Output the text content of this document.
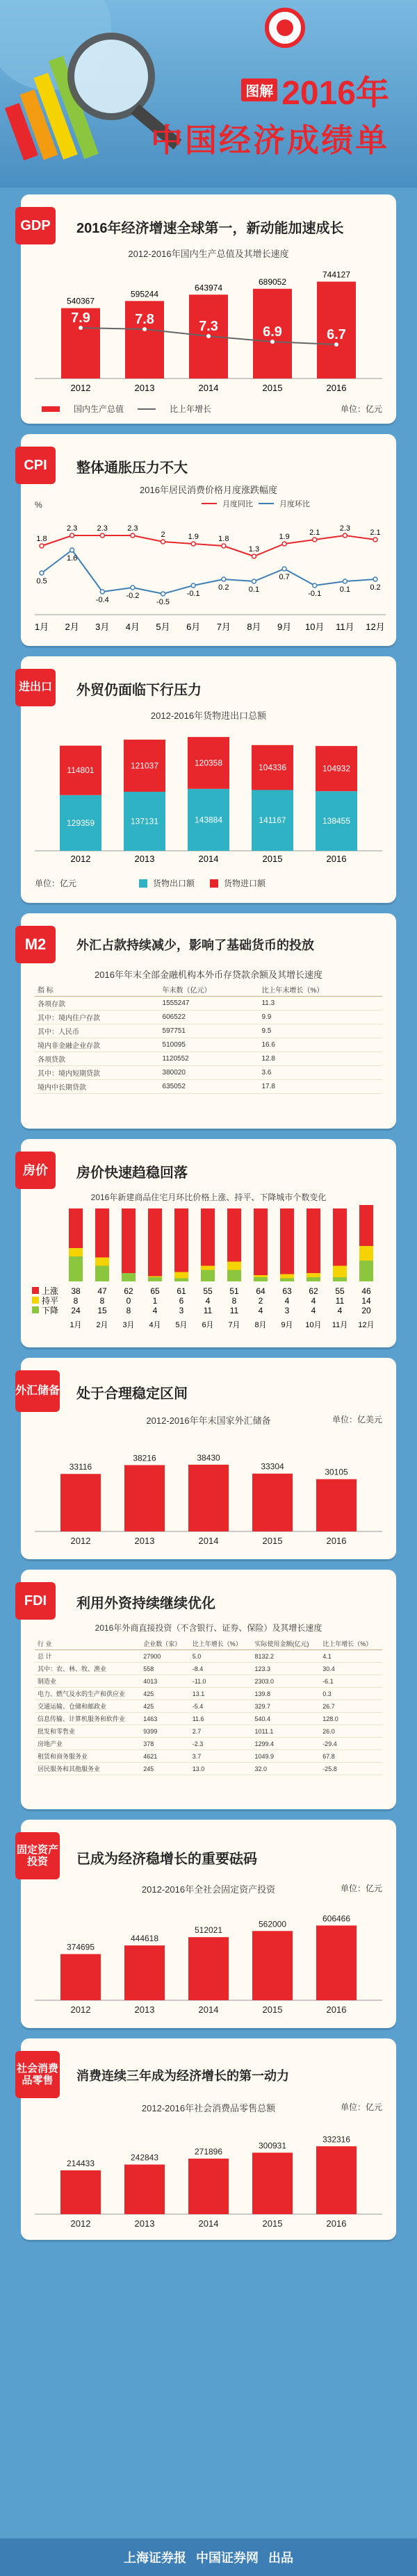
图解 2016年
中国经济成绩单
GDP	2016年经济增速全球第一，新动能加速成长
2012-2016年国内生产总值及其增长速度
540367
2012
595244
2013
643974
2014
689052
2015
744127
2016
7.9	7.8	7.3	6.9	6.7
国内生产总值	比上年增长	单位：亿元
CPI	整体通胀压力不大
2016年居民消费价格月度涨跌幅度
月度同比	月度环比
%
1.8
2.3	2.3	2.3
2	1.9	1.8
1.3
1.9	2.1	2.3	2.1
0.5
1.6
-0.4 -0.2
-0.5
-0.1
0.2	0.1
0.7
-0.1 0.1	0.2
1月 2月 3月 4月 5月 6月 7月 8月 9月 10月 11月 12月
进出口 外贸仍面临下行压力
2012-2016年货物进出口总额
129359
114801
2012
137131
121037
2013
143884
120358
2014
141167
104336
2015
138455
104932
2016
单位：亿元	货物出口额	货物进口额
M2	外汇占款持续减少，影响了基础货币的投放
2016年年末全部金融机构本外币存贷款余额及其增长速度
指 标	年末数（亿元）	比上年末增长（%）
各项存款	1555247	11.3
其中：境内住户存款	606522	9.9
其中：人民币	597751	9.5
境内非金融企业存款	510095	16.6
各项贷款	1120552	12.8
其中：境内短期贷款	380020	3.6
境内中长期贷款	635052	17.8
房价	房价快速趋稳回落
2016年新建商品住宅月环比价格上涨、持平、下降城市个数变化
38
8
24
1月
47
8
15
2月
62
0
8
3月
65
1
4
4月
61
6
3
5月
55
4
11
6月
51
8
11
7月
64
2
4
8月
63
4
3
9月
62
4
4
10月
55
11
4
11月
46
14
20
12月
上涨
持平
下降
外汇储备 处于合理稳定区间
2012-2016年年末国家外汇储备	单位：亿美元
33116
2012
38216
2013
38430
2014
33304
2015
30105
2016
FDI	利用外资持续继续优化
2016年外商直接投资（不含银行、证券、保险）及其增长速度
行 业	企业数（家）	比上年增长（%）	实际使用金额(亿元)	比上年增长（%）
总 计	27900	5.0	8132.2	4.1
其中：农、林、牧、渔业	558	-8.4	123.3	30.4
制造业	4013	-11.0	2303.0	-6.1
电力、燃气及水的生产和供应业	425	13.1	139.8	0.3
交通运输、仓储和邮政业	425	-5.4	329.7	26.7
信息传输、计算机服务和软件业	1463	11.6	540.4	128.0
批发和零售业	9399	2.7	1011.1	26.0
房地产业	378	-2.3	1299.4	-29.4
租赁和商务服务业	4621	3.7	1049.9	67.8
居民服务和其他服务业	245	13.0	32.0	-25.8
固定资产投资	已成为经济稳增长的重要砝码
2012-2016年全社会固定资产投资	单位：亿元
374695
2012
444618
2013
512021
2014
562000
2015
606466
2016
社会消费品零售	消费连续三年成为经济增长的第一动力
2012-2016年社会消费品零售总额	单位：亿元
214433
2012
242843
2013
271896
2014
300931
2015
332316
2016
上海证券报 中国证券网 出品
